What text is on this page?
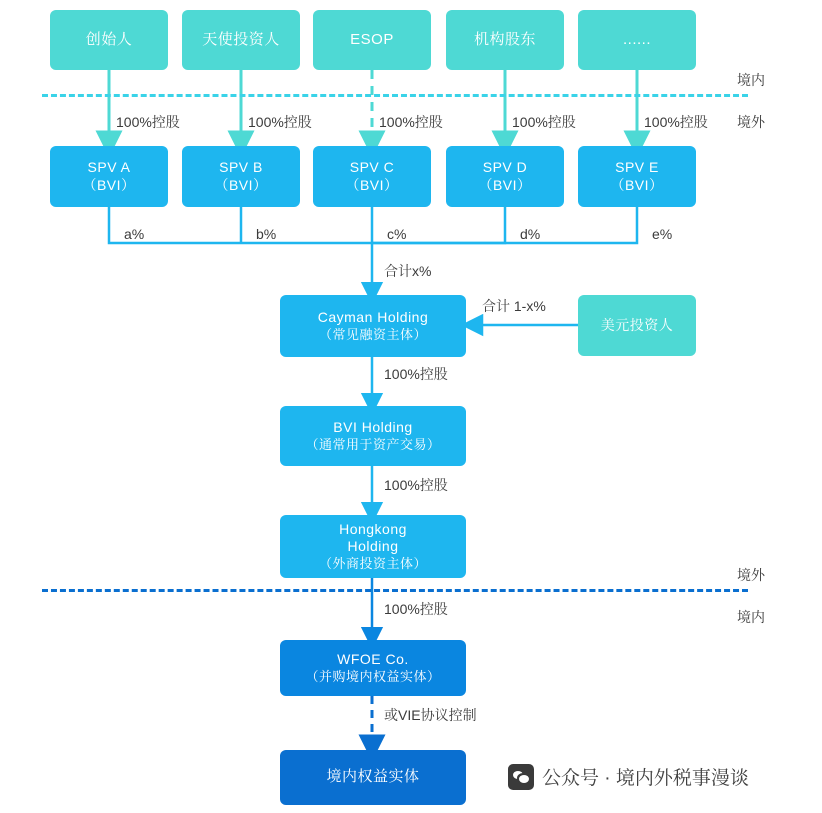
境内
境外
境外
境内
创始人	天使投资人	ESOP	机构股东	......
100%控股	100%控股	100%控股	100%控股	100%控股
SPV A
（BVI）
SPV B
（BVI）
SPV C
（BVI）
SPV D
（BVI）
SPV E
（BVI）
a%	b%	c%	d%	e%
合计x%
Cayman Holding
（常见融资主体）
美元投资人
合计 1-x%
BVI Holding
（通常用于资产交易）
Hongkong
Holding
（外商投资主体）
WFOE Co.
（并购境内权益实体）
境内权益实体
100%控股
100%控股
100%控股
或VIE协议控制
公众号 · 境内外税事漫谈
